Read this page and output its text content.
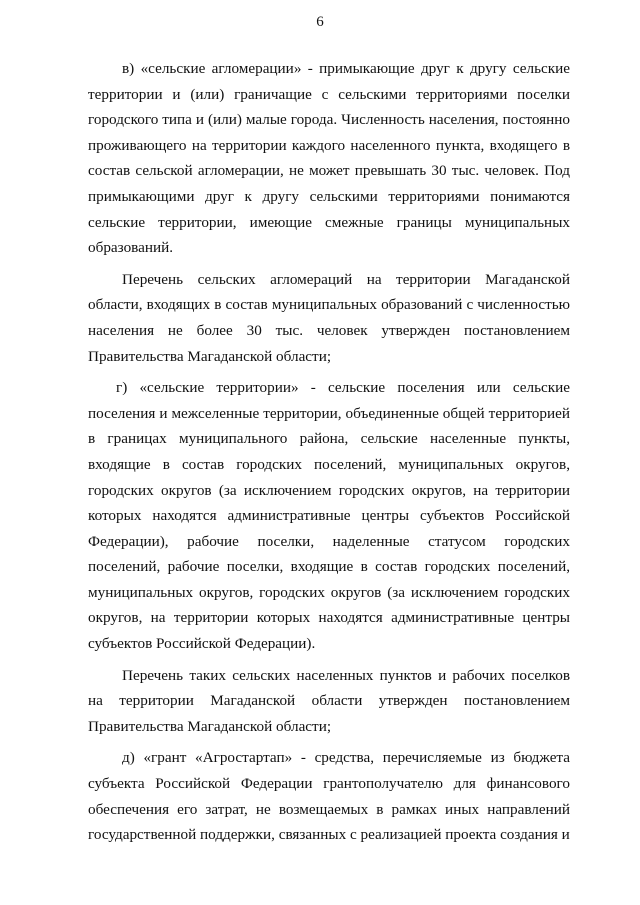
6

в) «сельские агломерации» - примыкающие друг к другу сельские территории и (или) граничащие с сельскими территориями поселки городского типа и (или) малые города. Численность населения, постоянно проживающего на территории каждого населенного пункта, входящего в состав сельской агломерации, не может превышать 30 тыс. человек. Под примыкающими друг к другу сельскими территориями понимаются сельские территории, имеющие смежные границы муниципальных образований.

Перечень сельских агломераций на территории Магаданской области, входящих в состав муниципальных образований с численностью населения не более 30 тыс. человек утвержден постановлением Правительства Магаданской области;

г) «сельские территории» - сельские поселения или сельские поселения и межселенные территории, объединенные общей территорией в границах муниципального района, сельские населенные пункты, входящие в состав городских поселений, муниципальных округов, городских округов (за исключением городских округов, на территории которых находятся административные центры субъектов Российской Федерации), рабочие поселки, наделенные статусом городских поселений, рабочие поселки, входящие в состав городских поселений, муниципальных округов, городских округов (за исключением городских округов, на территории которых находятся административные центры субъектов Российской Федерации).

Перечень таких сельских населенных пунктов и рабочих поселков на территории Магаданской области утвержден постановлением Правительства Магаданской области;

д) «грант «Агростартап» - средства, перечисляемые из бюджета субъекта Российской Федерации грантополучателю для финансового обеспечения его затрат, не возмещаемых в рамках иных направлений государственной поддержки, связанных с реализацией проекта создания и
